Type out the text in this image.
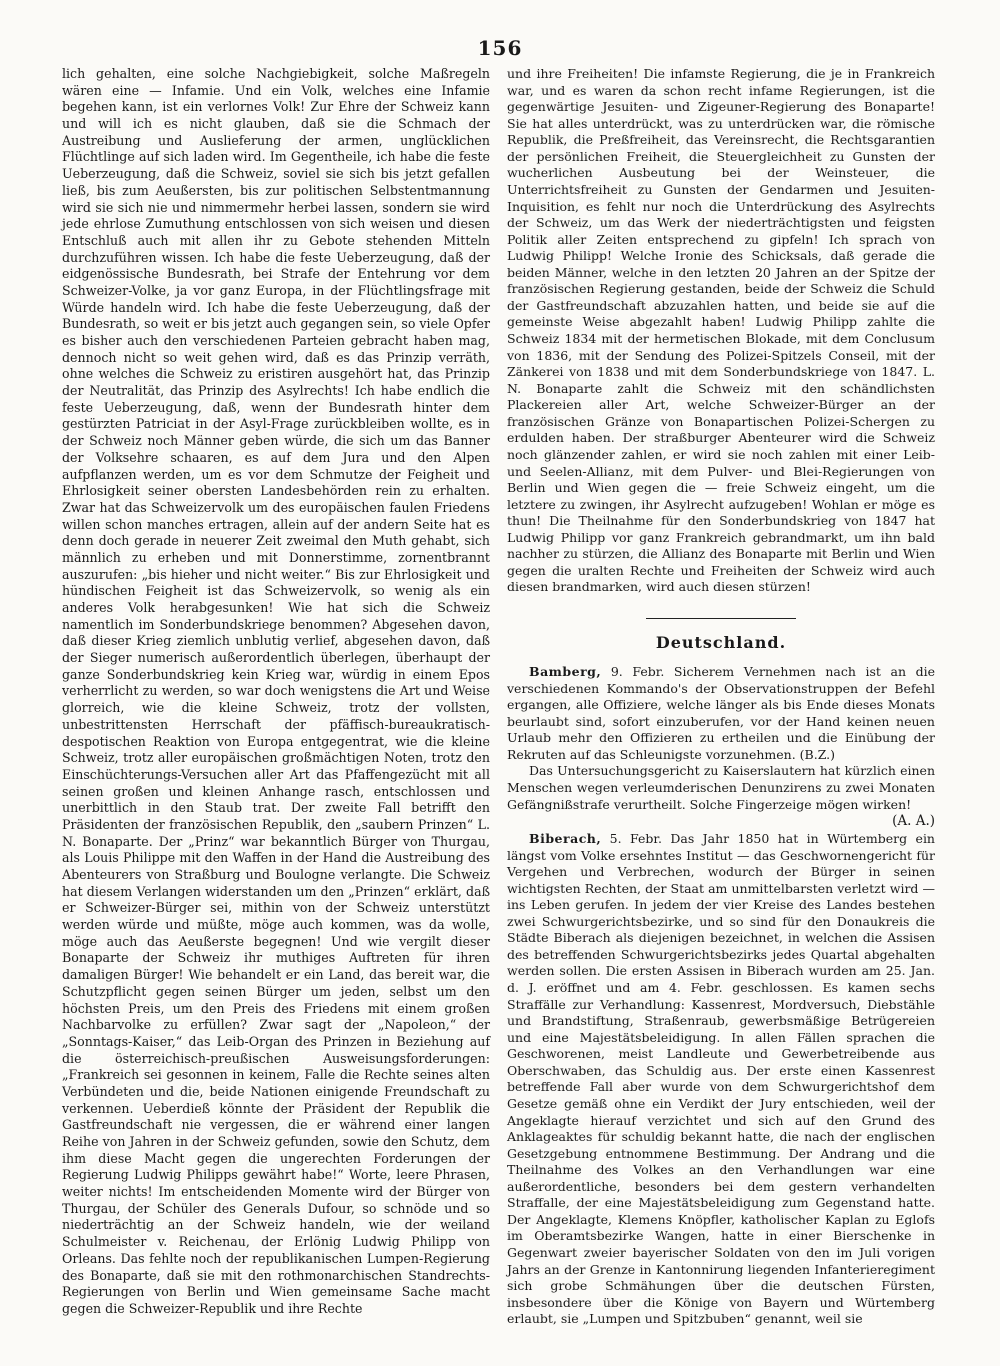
156

lich gehalten, eine solche Nachgiebigkeit, solche Maßregeln wären eine — Infamie. Und ein Volk, welches eine Infamie begehen kann, ist ein verlornes Volk! Zur Ehre der Schweiz kann und will ich es nicht glauben, daß sie die Schmach der Austreibung und Auslieferung der armen, unglücklichen Flüchtlinge auf sich laden wird. Im Gegentheile, ich habe die feste Ueberzeugung, daß die Schweiz, soviel sie sich bis jetzt gefallen ließ, bis zum Aeußersten, bis zur politischen Selbstentmannung wird sie sich nie und nimmermehr herbei lassen, sondern sie wird jede ehrlose Zumuthung entschlossen von sich weisen und diesen Entschluß auch mit allen ihr zu Gebote stehenden Mitteln durchzuführen wissen. Ich habe die feste Ueberzeugung, daß der eidgenössische Bundesrath, bei Strafe der Entehrung vor dem Schweizer-Volke, ja vor ganz Europa, in der Flüchtlingsfrage mit Würde handeln wird. Ich habe die feste Ueberzeugung, daß der Bundesrath, so weit er bis jetzt auch gegangen sein, so viele Opfer es bisher auch den verschiedenen Parteien gebracht haben mag, dennoch nicht so weit gehen wird, daß es das Prinzip verräth, ohne welches die Schweiz zu eristiren ausgehört hat, das Prinzip der Neutralität, das Prinzip des Asylrechts! Ich habe endlich die feste Ueberzeugung, daß, wenn der Bundesrath hinter dem gestürzten Patriciat in der Asyl-Frage zurückbleiben wollte, es in der Schweiz noch Männer geben würde, die sich um das Banner der Volksehre schaaren, es auf dem Jura und den Alpen aufpflanzen werden, um es vor dem Schmutze der Feigheit und Ehrlosigkeit seiner obersten Landesbehörden rein zu erhalten. Zwar hat das Schweizervolk um des europäischen faulen Friedens willen schon manches ertragen, allein auf der andern Seite hat es denn doch gerade in neuerer Zeit zweimal den Muth gehabt, sich männlich zu erheben und mit Donnerstimme, zornentbrannt auszurufen: „bis hieher und nicht weiter.“ Bis zur Ehrlosigkeit und hündischen Feigheit ist das Schweizervolk, so wenig als ein anderes Volk herabgesunken! Wie hat sich die Schweiz namentlich im Sonderbundskriege benommen? Abgesehen davon, daß dieser Krieg ziemlich unblutig verlief, abgesehen davon, daß der Sieger numerisch außerordentlich überlegen, überhaupt der ganze Sonderbundskrieg kein Krieg war, würdig in einem Epos verherrlicht zu werden, so war doch wenigstens die Art und Weise glorreich, wie die kleine Schweiz, trotz der vollsten, unbestrittensten Herrschaft der pfäffisch-bureaukratisch-despotischen Reaktion von Europa entgegentrat, wie die kleine Schweiz, trotz aller europäischen großmächtigen Noten, trotz den Einschüchterungs-Versuchen aller Art das Pfaffengezücht mit all seinen großen und kleinen Anhange rasch, entschlossen und unerbittlich in den Staub trat. Der zweite Fall betrifft den Präsidenten der französischen Republik, den „saubern Prinzen“ L. N. Bonaparte. Der „Prinz“ war bekanntlich Bürger von Thurgau, als Louis Philippe mit den Waffen in der Hand die Austreibung des Abenteurers von Straßburg und Boulogne verlangte. Die Schweiz hat diesem Verlangen widerstanden um den „Prinzen“ erklärt, daß er Schweizer-Bürger sei, mithin von der Schweiz unterstützt werden würde und müßte, möge auch kommen, was da wolle, möge auch das Aeußerste begegnen! Und wie vergilt dieser Bonaparte der Schweiz ihr muthiges Auftreten für ihren damaligen Bürger! Wie behandelt er ein Land, das bereit war, die Schutzpflicht gegen seinen Bürger um jeden, selbst um den höchsten Preis, um den Preis des Friedens mit einem großen Nachbarvolke zu erfüllen? Zwar sagt der „Napoleon,“ der „Sonntags-Kaiser,“ das Leib-Organ des Prinzen in Beziehung auf die österreichisch-preußischen Ausweisungsforderungen: „Frankreich sei gesonnen in keinem, Falle die Rechte seines alten Verbündeten und die, beide Nationen einigende Freundschaft zu verkennen. Ueberdieß könnte der Präsident der Republik die Gastfreundschaft nie vergessen, die er während einer langen Reihe von Jahren in der Schweiz gefunden, sowie den Schutz, dem ihm diese Macht gegen die ungerechten Forderungen der Regierung Ludwig Philipps gewährt habe!“ Worte, leere Phrasen, weiter nichts! Im entscheidenden Momente wird der Bürger von Thurgau, der Schüler des Generals Dufour, so schnöde und so niederträchtig an der Schweiz handeln, wie der weiland Schulmeister v. Reichenau, der Erlönig Ludwig Philipp von Orleans. Das fehlte noch der republikanischen Lumpen-Regierung des Bonaparte, daß sie mit den rothmonarchischen Standrechts-Regierungen von Berlin und Wien gemeinsame Sache macht gegen die Schweizer-Republik und ihre Rechte

und ihre Freiheiten! Die infamste Regierung, die je in Frankreich war, und es waren da schon recht infame Regierungen, ist die gegenwärtige Jesuiten- und Zigeuner-Regierung des Bonaparte! Sie hat alles unterdrückt, was zu unterdrücken war, die römische Republik, die Preßfreiheit, das Vereinsrecht, die Rechtsgarantien der persönlichen Freiheit, die Steuergleichheit zu Gunsten der wucherlichen Ausbeutung bei der Weinsteuer, die Unterrichtsfreiheit zu Gunsten der Gendarmen und Jesuiten-Inquisition, es fehlt nur noch die Unterdrückung des Asylrechts der Schweiz, um das Werk der niederträchtigsten und feigsten Politik aller Zeiten entsprechend zu gipfeln! Ich sprach von Ludwig Philipp! Welche Ironie des Schicksals, daß gerade die beiden Männer, welche in den letzten 20 Jahren an der Spitze der französischen Regierung gestanden, beide der Schweiz die Schuld der Gastfreundschaft abzuzahlen hatten, und beide sie auf die gemeinste Weise abgezahlt haben! Ludwig Philipp zahlte die Schweiz 1834 mit der hermetischen Blokade, mit dem Conclusum von 1836, mit der Sendung des Polizei-Spitzels Conseil, mit der Zänkerei von 1838 und mit dem Sonderbundskriege von 1847. L. N. Bonaparte zahlt die Schweiz mit den schändlichsten Plackereien aller Art, welche Schweizer-Bürger an der französischen Gränze von Bonapartischen Polizei-Schergen zu erdulden haben. Der straßburger Abenteurer wird die Schweiz noch glänzender zahlen, er wird sie noch zahlen mit einer Leib- und Seelen-Allianz, mit dem Pulver- und Blei-Regierungen von Berlin und Wien gegen die — freie Schweiz eingeht, um die letztere zu zwingen, ihr Asylrecht aufzugeben! Wohlan er möge es thun! Die Theilnahme für den Sonderbundskrieg von 1847 hat Ludwig Philipp vor ganz Frankreich gebrandmarkt, um ihn bald nachher zu stürzen, die Allianz des Bonaparte mit Berlin und Wien gegen die uralten Rechte und Freiheiten der Schweiz wird auch diesen brandmarken, wird auch diesen stürzen!

Deutschland.

Bamberg, 9. Febr. Sicherem Vernehmen nach ist an die verschiedenen Kommando's der Observationstruppen der Befehl ergangen, alle Offiziere, welche länger als bis Ende dieses Monats beurlaubt sind, sofort einzuberufen, vor der Hand keinen neuen Urlaub mehr den Offizieren zu ertheilen und die Einübung der Rekruten auf das Schleunigste vorzunehmen. (B.Z.)

Das Untersuchungsgericht zu Kaiserslautern hat kürzlich einen Menschen wegen verleumderischen Denunzirens zu zwei Monaten Gefängnißstrafe verurtheilt. Solche Fingerzeige mögen wirken!
(A. A.)

Biberach, 5. Febr. Das Jahr 1850 hat in Würtemberg ein längst vom Volke ersehntes Institut — das Geschwornengericht für Vergehen und Verbrechen, wodurch der Bürger in seinen wichtigsten Rechten, der Staat am unmittelbarsten verletzt wird — ins Leben gerufen. In jedem der vier Kreise des Landes bestehen zwei Schwurgerichtsbezirke, und so sind für den Donaukreis die Städte Biberach als diejenigen bezeichnet, in welchen die Assisen des betreffenden Schwurgerichtsbezirks jedes Quartal abgehalten werden sollen. Die ersten Assisen in Biberach wurden am 25. Jan. d. J. eröffnet und am 4. Febr. geschlossen. Es kamen sechs Straffälle zur Verhandlung: Kassenrest, Mordversuch, Diebstähle und Brandstiftung, Straßenraub, gewerbsmäßige Betrügereien und eine Majestätsbeleidigung. In allen Fällen sprachen die Geschworenen, meist Landleute und Gewerbetreibende aus Oberschwaben, das Schuldig aus. Der erste einen Kassenrest betreffende Fall aber wurde von dem Schwurgerichtshof dem Gesetze gemäß ohne ein Verdikt der Jury entschieden, weil der Angeklagte hierauf verzichtet und sich auf den Grund des Anklageaktes für schuldig bekannt hatte, die nach der englischen Gesetzgebung entnommene Bestimmung. Der Andrang und die Theilnahme des Volkes an den Verhandlungen war eine außerordentliche, besonders bei dem gestern verhandelten Straffalle, der eine Majestätsbeleidigung zum Gegenstand hatte. Der Angeklagte, Klemens Knöpfler, katholischer Kaplan zu Eglofs im Oberamtsbezirke Wangen, hatte in einer Bierschenke in Gegenwart zweier bayerischer Soldaten von den im Juli vorigen Jahrs an der Grenze in Kantonnirung liegenden Infanterieregiment sich grobe Schmähungen über die deutschen Fürsten, insbesondere über die Könige von Bayern und Würtemberg erlaubt, sie „Lumpen und Spitzbuben“ genannt, weil sie
